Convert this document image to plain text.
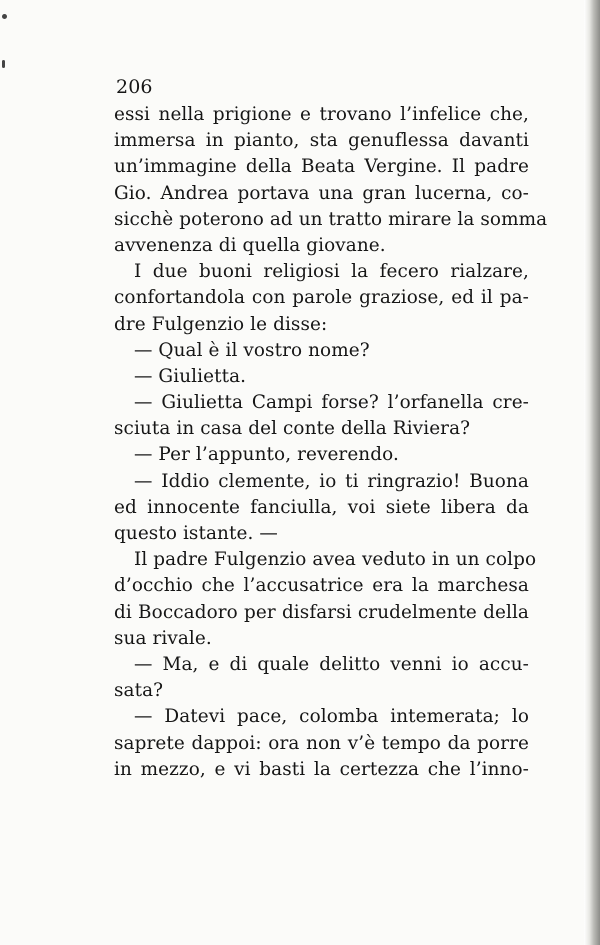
206
essi nella prigione e trovano l’infelice che,
immersa in pianto, sta genuflessa davanti
un’immagine della Beata Vergine. Il padre
Gio. Andrea portava una gran lucerna, co-
sicchè poterono ad un tratto mirare la somma
avvenenza di quella giovane.
I due buoni religiosi la fecero rialzare,
confortandola con parole graziose, ed il pa-
dre Fulgenzio le disse:
— Qual è il vostro nome?
— Giulietta.
— Giulietta Campi forse? l’orfanella cre-
sciuta in casa del conte della Riviera?
— Per l’appunto, reverendo.
— Iddio clemente, io ti ringrazio! Buona
ed innocente fanciulla, voi siete libera da
questo istante. —
Il padre Fulgenzio avea veduto in un colpo
d’occhio che l’accusatrice era la marchesa
di Boccadoro per disfarsi crudelmente della
sua rivale.
— Ma, e di quale delitto venni io accu-
sata?
— Datevi pace, colomba intemerata; lo
saprete dappoi: ora non v’è tempo da porre
in mezzo, e vi basti la certezza che l’inno-
